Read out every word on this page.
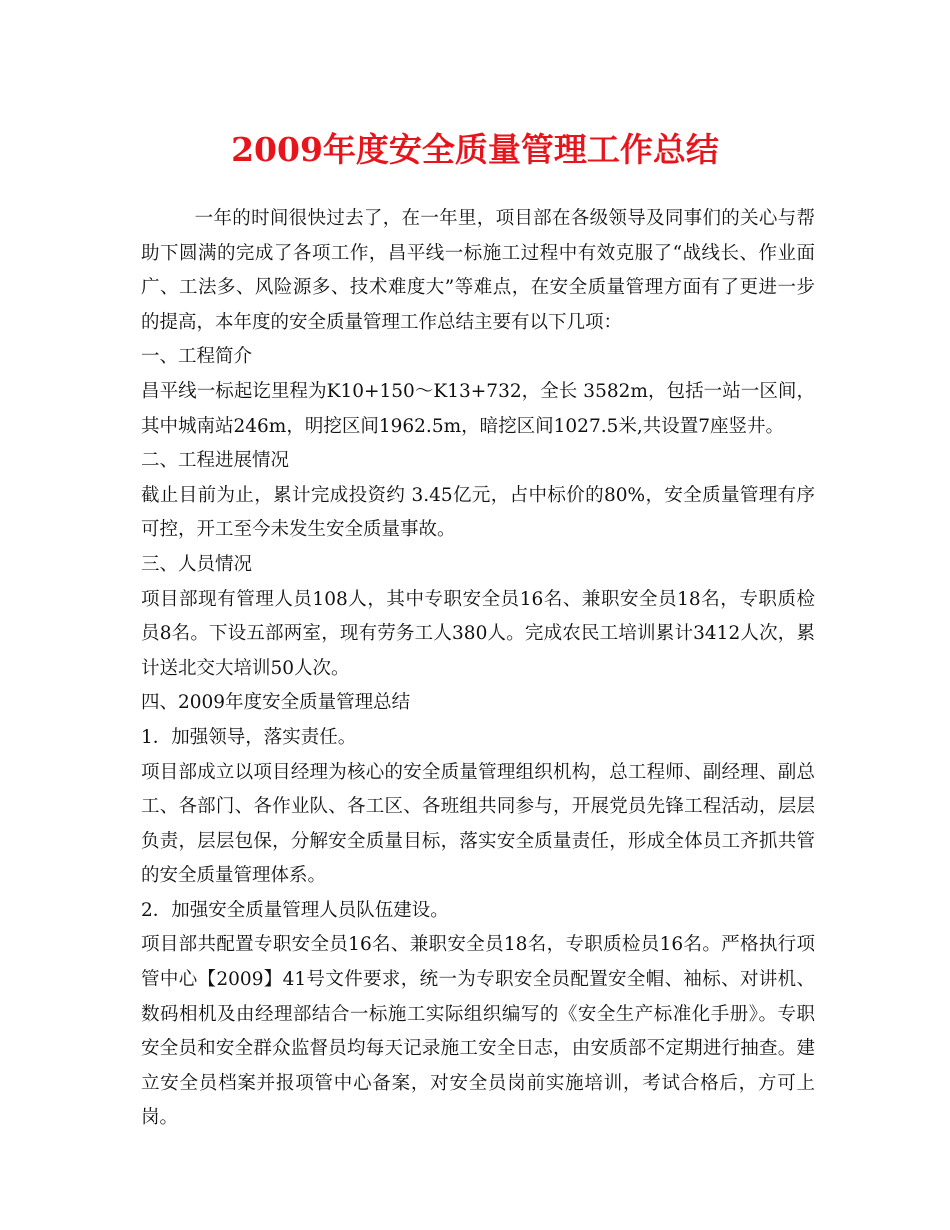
2009年度安全质量管理工作总结

一年的时间很快过去了，在一年里，项目部在各级领导及同事们的关心与帮助下圆满的完成了各项工作，昌平线一标施工过程中有效克服了“战线长、作业面广、工法多、风险源多、技术难度大”等难点，在安全质量管理方面有了更进一步的提高，本年度的安全质量管理工作总结主要有以下几项：

一、工程简介

昌平线一标起讫里程为K10+150～K13+732，全长 3582m，包括一站一区间，其中城南站246m，明挖区间1962.5m，暗挖区间1027.5米,共设置7座竖井。

二、工程进展情况

截止目前为止，累计完成投资约 3.45亿元，占中标价的80%，安全质量管理有序可控，开工至今未发生安全质量事故。

三、人员情况

项目部现有管理人员108人，其中专职安全员16名、兼职安全员18名，专职质检员8名。下设五部两室，现有劳务工人380人。完成农民工培训累计3412人次，累计送北交大培训50人次。

四、2009年度安全质量管理总结

1．加强领导，落实责任。

项目部成立以项目经理为核心的安全质量管理组织机构，总工程师、副经理、副总工、各部门、各作业队、各工区、各班组共同参与，开展党员先锋工程活动，层层负责，层层包保，分解安全质量目标，落实安全质量责任，形成全体员工齐抓共管的安全质量管理体系。

2．加强安全质量管理人员队伍建设。

项目部共配置专职安全员16名、兼职安全员18名，专职质检员16名。严格执行项管中心【2009】41号文件要求，统一为专职安全员配置安全帽、袖标、对讲机、数码相机及由经理部结合一标施工实际组织编写的《安全生产标准化手册》。专职安全员和安全群众监督员均每天记录施工安全日志，由安质部不定期进行抽查。建立安全员档案并报项管中心备案，对安全员岗前实施培训，考试合格后，方可上岗。
